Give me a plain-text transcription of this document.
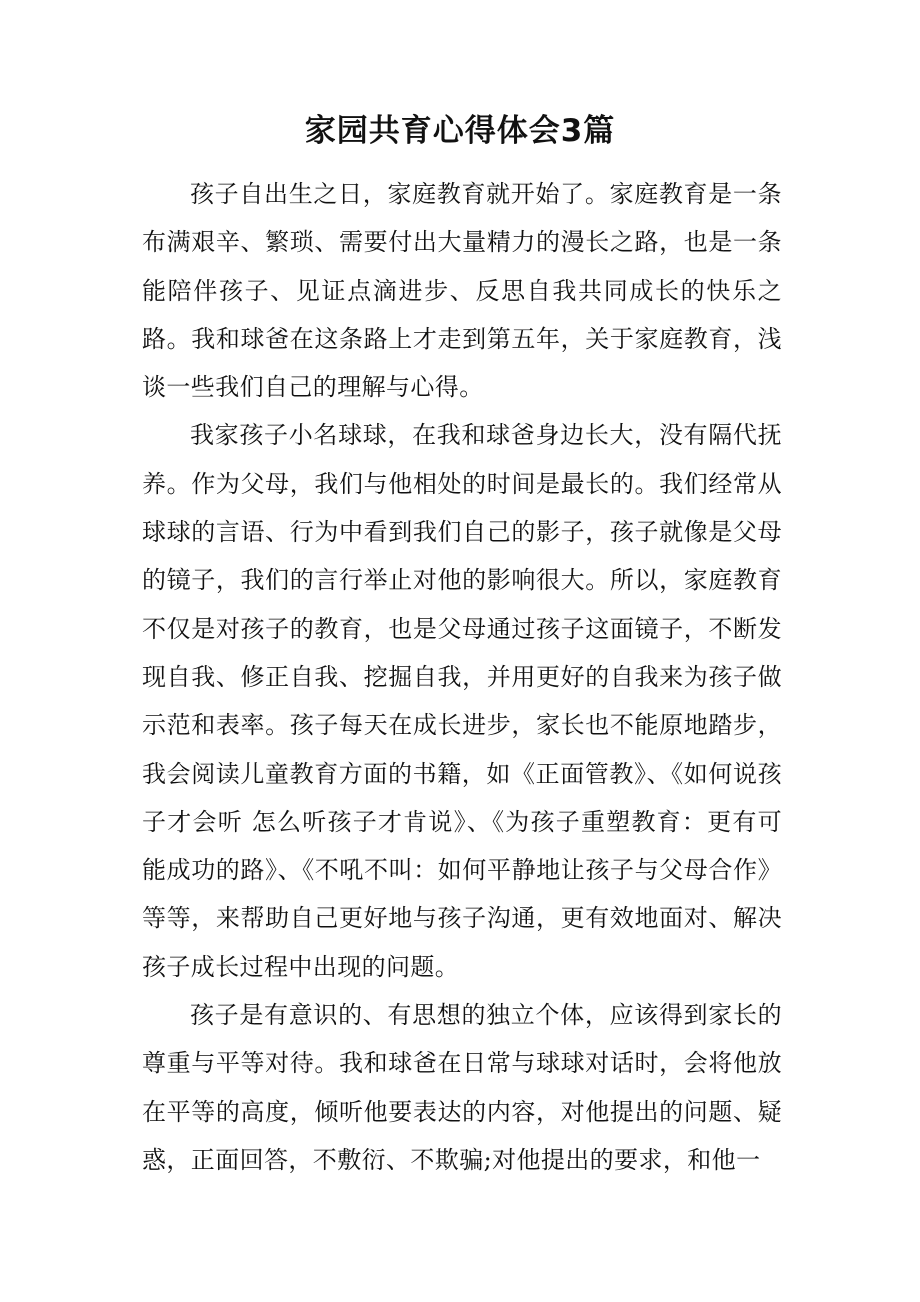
家园共育心得体会3篇

孩子自出生之日，家庭教育就开始了。家庭教育是一条布满艰辛、繁琐、需要付出大量精力的漫长之路，也是一条能陪伴孩子、见证点滴进步、反思自我共同成长的快乐之路。我和球爸在这条路上才走到第五年，关于家庭教育，浅谈一些我们自己的理解与心得。

我家孩子小名球球，在我和球爸身边长大，没有隔代抚养。作为父母，我们与他相处的时间是最长的。我们经常从球球的言语、行为中看到我们自己的影子，孩子就像是父母的镜子，我们的言行举止对他的影响很大。所以，家庭教育不仅是对孩子的教育，也是父母通过孩子这面镜子，不断发现自我、修正自我、挖掘自我，并用更好的自我来为孩子做示范和表率。孩子每天在成长进步，家长也不能原地踏步，我会阅读儿童教育方面的书籍，如《正面管教》、《如何说孩子才会听 怎么听孩子才肯说》、《为孩子重塑教育：更有可能成功的路》、《不吼不叫：如何平静地让孩子与父母合作》等等，来帮助自己更好地与孩子沟通，更有效地面对、解决孩子成长过程中出现的问题。

孩子是有意识的、有思想的独立个体，应该得到家长的尊重与平等对待。我和球爸在日常与球球对话时，会将他放在平等的高度，倾听他要表达的内容，对他提出的问题、疑惑，正面回答，不敷衍、不欺骗;对他提出的要求，和他一
